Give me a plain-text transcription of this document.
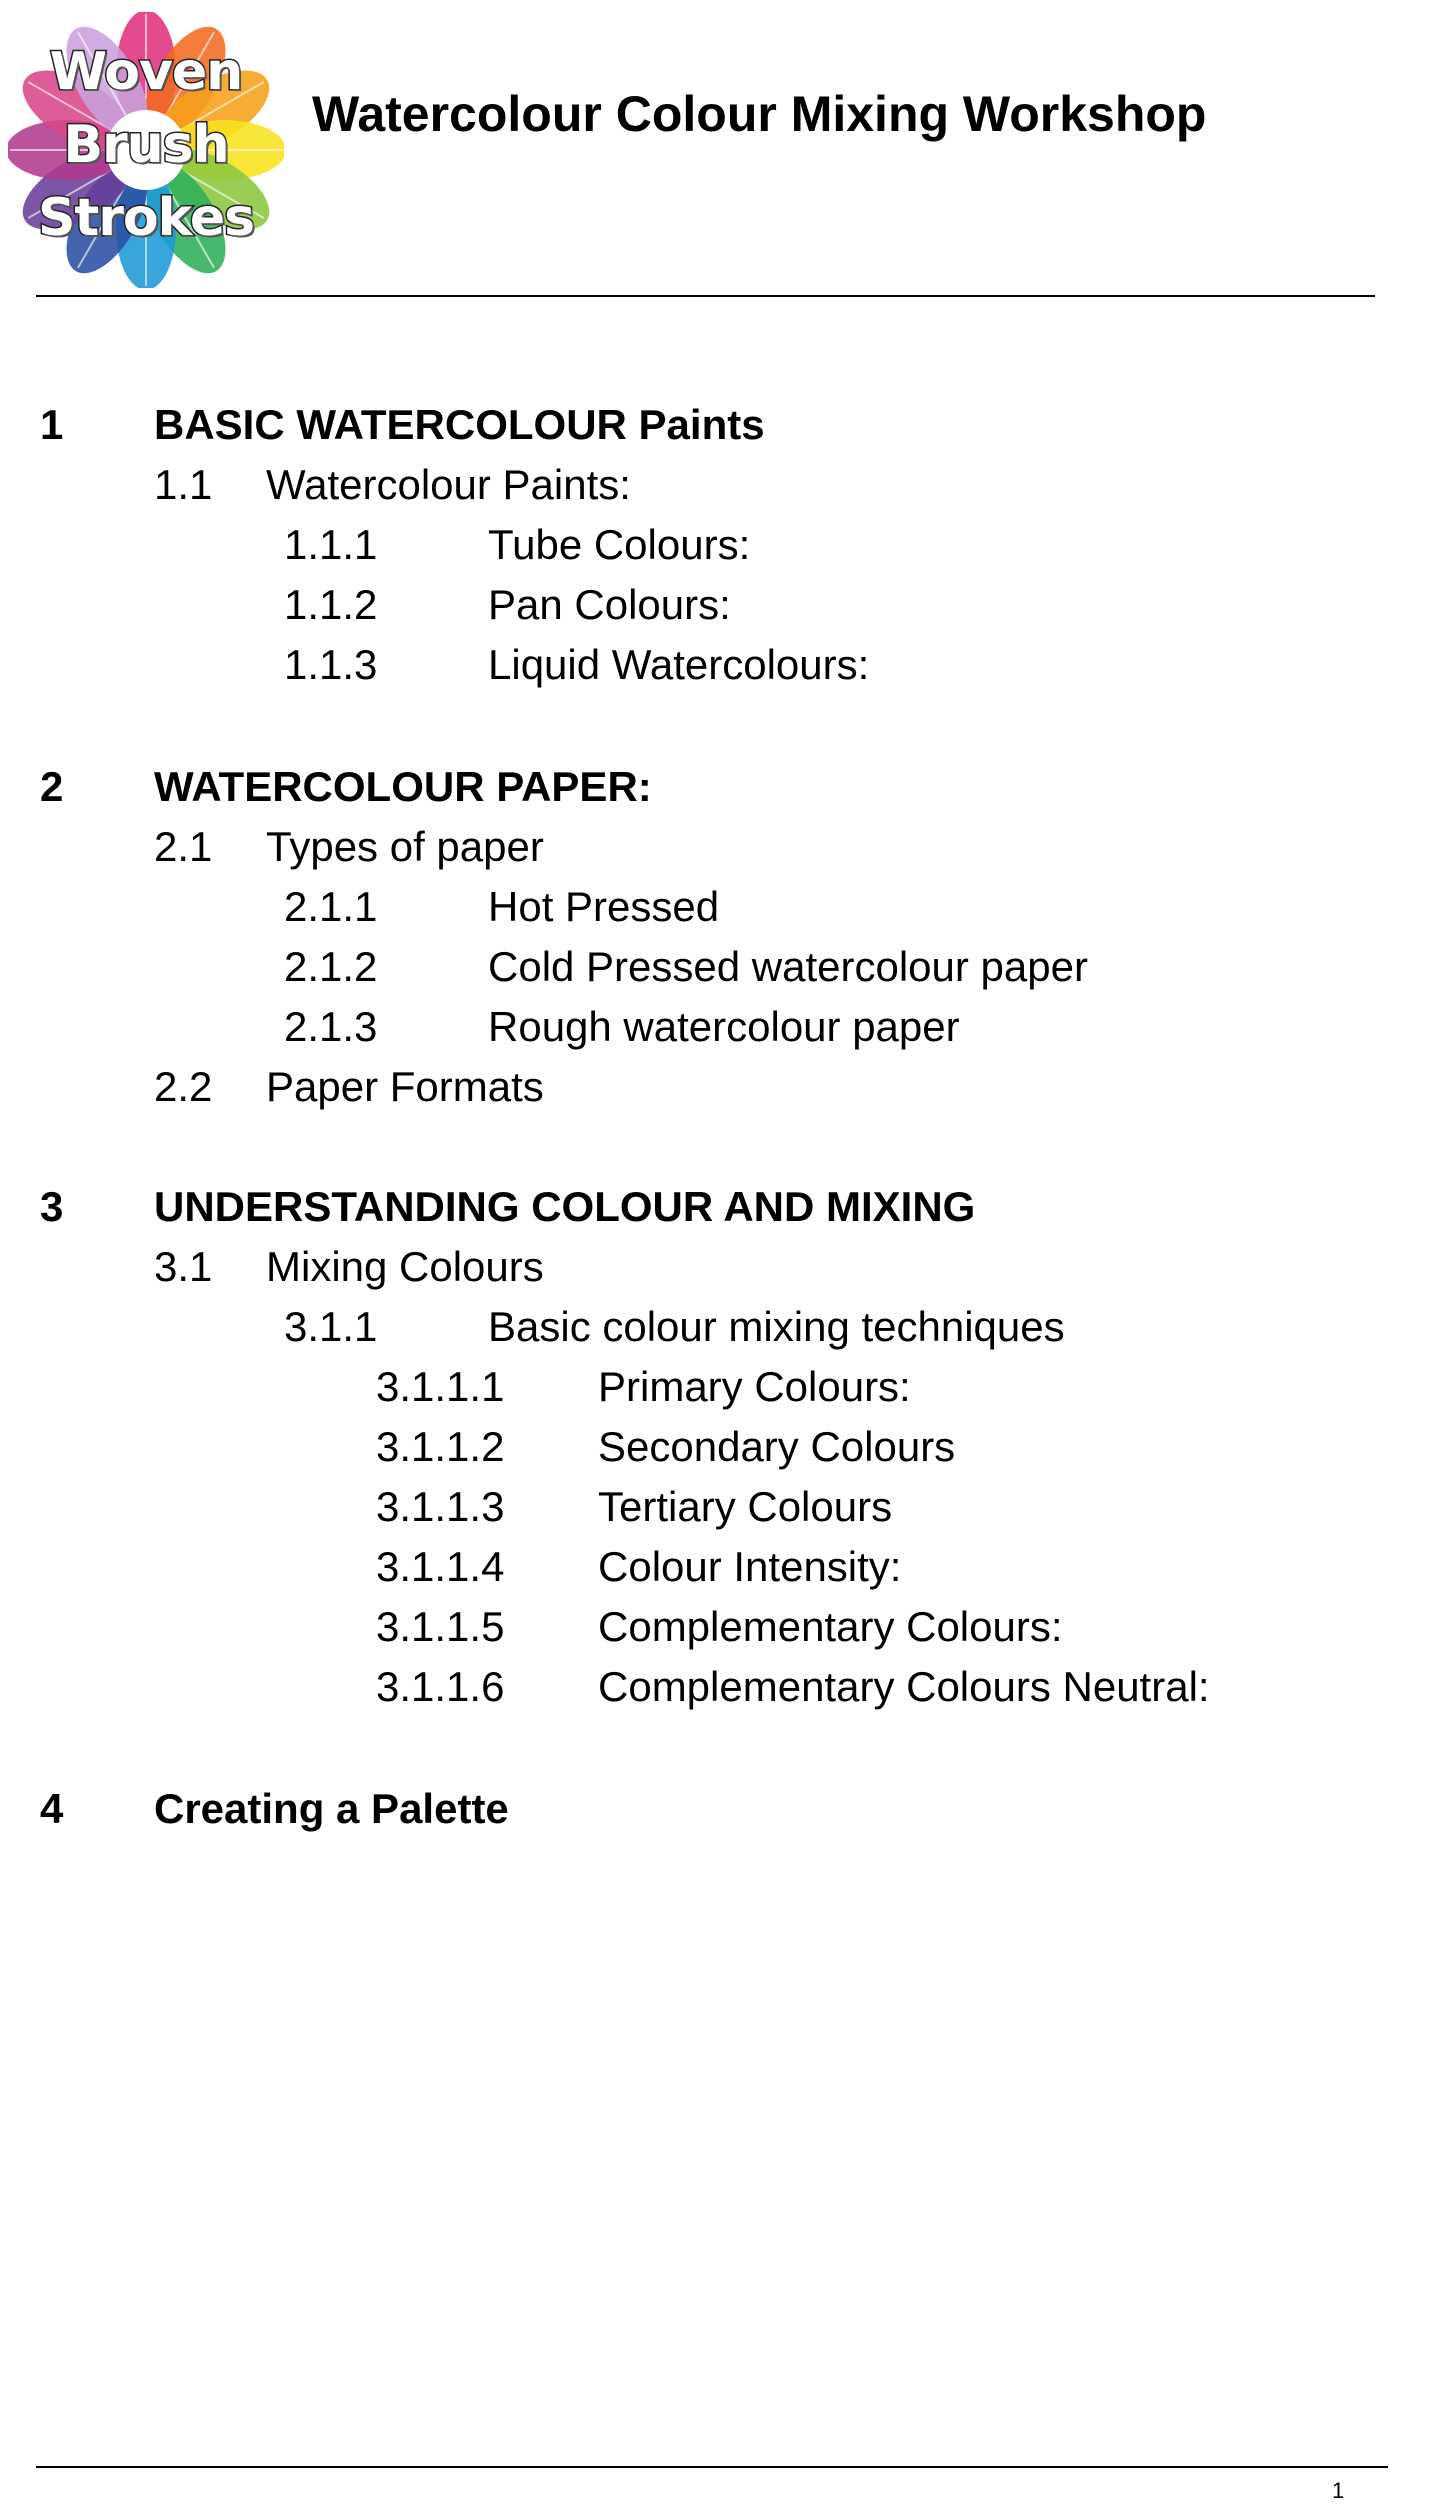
Woven
Brush
Strokes
Watercolour Colour Mixing Workshop
1 BASIC WATERCOLOUR Paints
1.1 Watercolour Paints:
1.1.1	Tube Colours:
1.1.2	Pan Colours:
1.1.3	Liquid Watercolours:
2 WATERCOLOUR PAPER:
2.1 Types of paper
2.1.1	Hot Pressed
2.1.2	Cold Pressed watercolour paper
2.1.3	Rough watercolour paper
2.2 Paper Formats
3 UNDERSTANDING COLOUR AND MIXING
3.1 Mixing Colours
3.1.1	Basic colour mixing techniques
3.1.1.1 Primary Colours:
3.1.1.2 Secondary Colours
3.1.1.3 Tertiary Colours
3.1.1.4 Colour Intensity:
3.1.1.5 Complementary Colours:
3.1.1.6 Complementary Colours Neutral:
4 Creating a Palette
1
